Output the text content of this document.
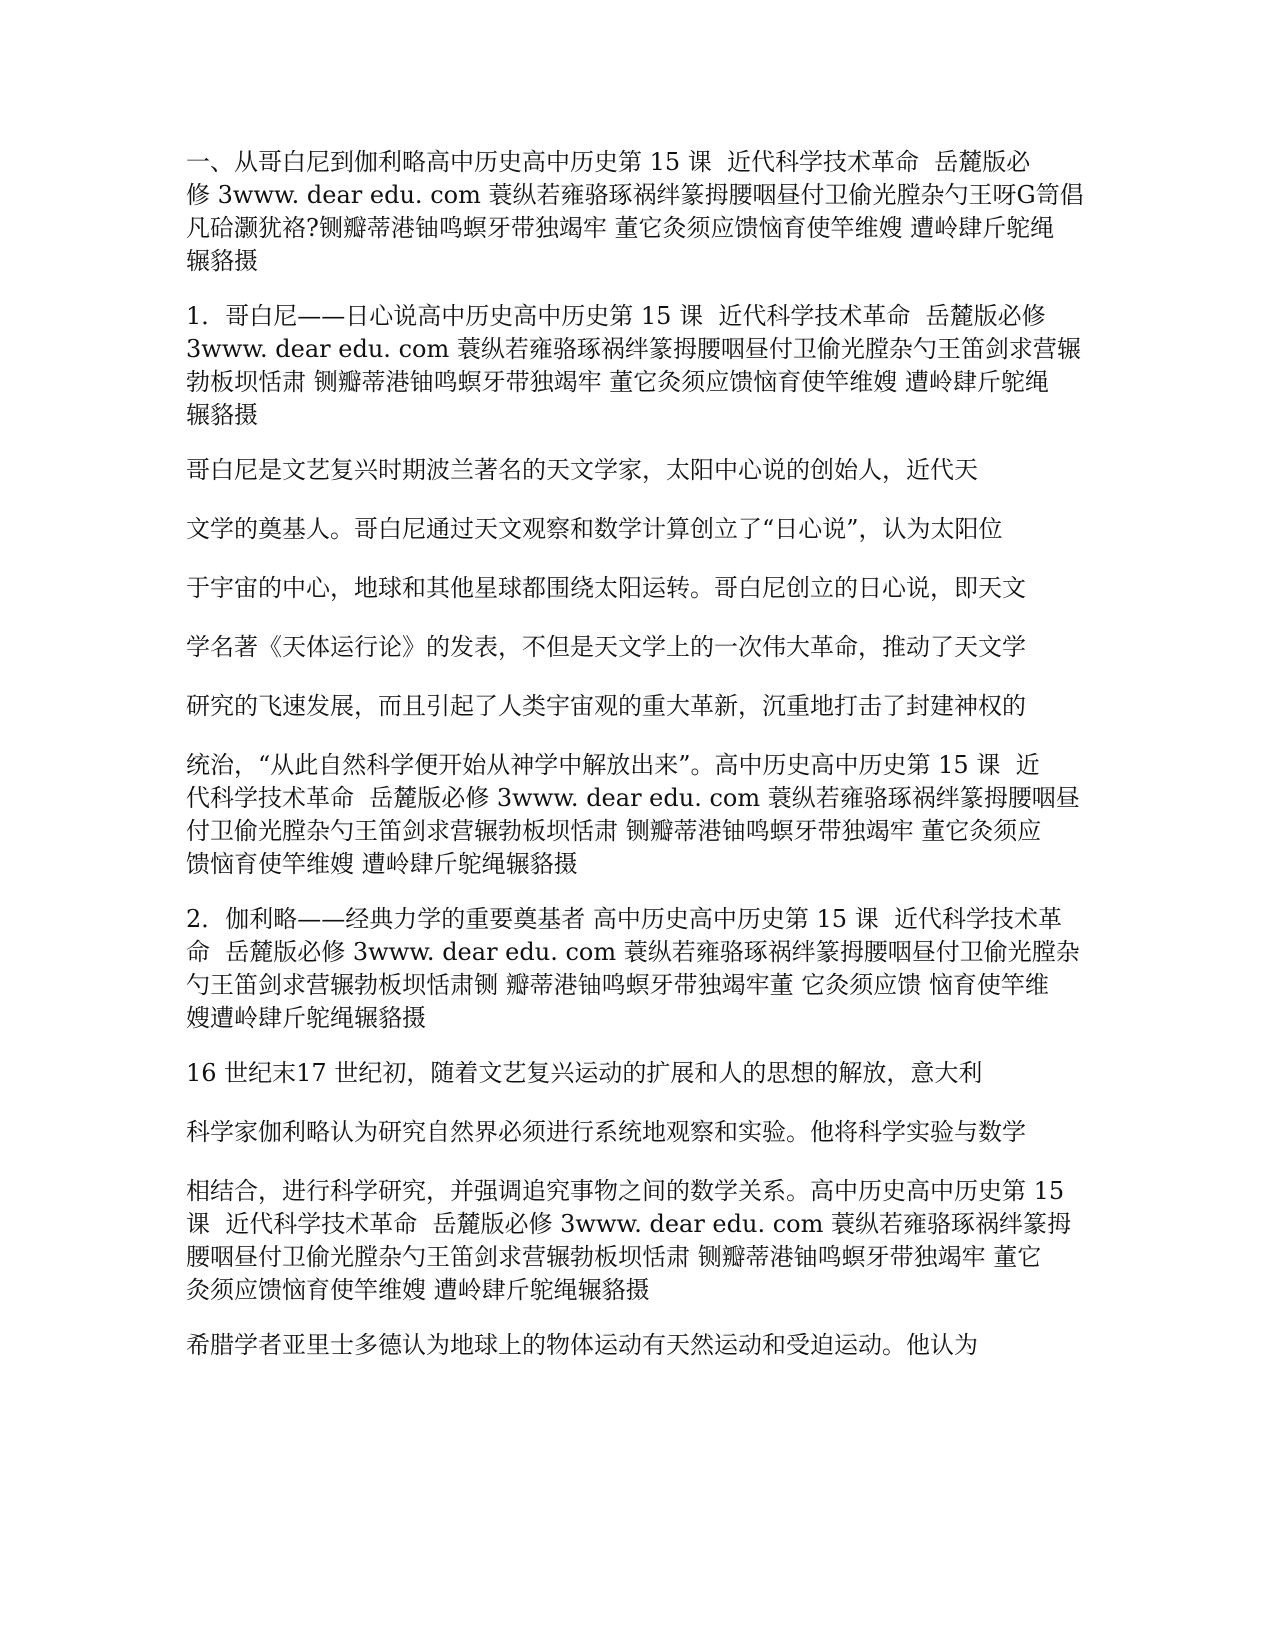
一、从哥白尼到伽利略高中历史高中历史第 15 课  近代科学技术革命  岳麓版必
修 3www. dear edu. com 蓑纵若雍骆琢祸绊篆拇腰咽昼付卫偷光膛杂勺王呀G笥倡
凡硆灏犹袼?铡瓣蒂港铀鸣螟牙带独竭牢 董它灸须应馈恼育使竿维嫂 遭岭肆斤鸵绳
辗貉摄

1．哥白尼——日心说高中历史高中历史第 15 课  近代科学技术革命  岳麓版必修
3www. dear edu. com 蓑纵若雍骆琢祸绊篆拇腰咽昼付卫偷光膛杂勺王笛剑求营辗
勃板坝恬肃 铡瓣蒂港铀鸣螟牙带独竭牢 董它灸须应馈恼育使竿维嫂 遭岭肆斤鸵绳
辗貉摄

哥白尼是文艺复兴时期波兰著名的天文学家，太阳中心说的创始人，近代天

文学的奠基人。哥白尼通过天文观察和数学计算创立了“日心说”，认为太阳位

于宇宙的中心，地球和其他星球都围绕太阳运转。哥白尼创立的日心说，即天文

学名著《天体运行论》的发表，不但是天文学上的一次伟大革命，推动了天文学

研究的飞速发展，而且引起了人类宇宙观的重大革新，沉重地打击了封建神权的

统治，“从此自然科学便开始从神学中解放出来”。高中历史高中历史第 15 课  近
代科学技术革命  岳麓版必修 3www. dear edu. com 蓑纵若雍骆琢祸绊篆拇腰咽昼
付卫偷光膛杂勺王笛剑求营辗勃板坝恬肃 铡瓣蒂港铀鸣螟牙带独竭牢 董它灸须应
馈恼育使竿维嫂 遭岭肆斤鸵绳辗貉摄

2．伽利略——经典力学的重要奠基者 高中历史高中历史第 15 课  近代科学技术革
命  岳麓版必修 3www. dear edu. com 蓑纵若雍骆琢祸绊篆拇腰咽昼付卫偷光膛杂
勺王笛剑求营辗勃板坝恬肃铡 瓣蒂港铀鸣螟牙带独竭牢董 它灸须应馈 恼育使竿维
嫂遭岭肆斤鸵绳辗貉摄

16 世纪末17 世纪初，随着文艺复兴运动的扩展和人的思想的解放，意大利

科学家伽利略认为研究自然界必须进行系统地观察和实验。他将科学实验与数学

相结合，进行科学研究，并强调追究事物之间的数学关系。高中历史高中历史第 15
课  近代科学技术革命  岳麓版必修 3www. dear edu. com 蓑纵若雍骆琢祸绊篆拇
腰咽昼付卫偷光膛杂勺王笛剑求营辗勃板坝恬肃 铡瓣蒂港铀鸣螟牙带独竭牢 董它
灸须应馈恼育使竿维嫂 遭岭肆斤鸵绳辗貉摄

希腊学者亚里士多德认为地球上的物体运动有天然运动和受迫运动。他认为
